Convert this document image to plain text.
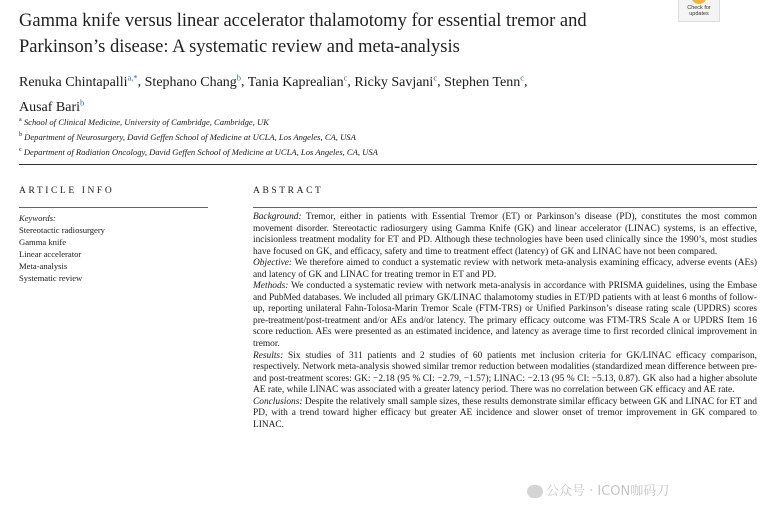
Gamma knife versus linear accelerator thalamotomy for essential tremor and Parkinson’s disease: A systematic review and meta-analysis
Check for
updates
Renuka Chintapalli$^{a,*}$, Stephano Chang$^b$, Tania Kaprealian$^c$, Ricky Savjani$^c$, Stephen Tenn$^c$,
Ausaf Bari$^b$
$^a$ School of Clinical Medicine, University of Cambridge, Cambridge, UK
$^b$ Department of Neurosurgery, David Geffen School of Medicine at UCLA, Los Angeles, CA, USA
$^c$ Department of Radiation Oncology, David Geffen School of Medicine at UCLA, Los Angeles, CA, USA
ARTICLE INFO	ABSTRACT
Keywords:
Stereotactic radiosurgery
Gamma knife
Linear accelerator
Meta-analysis
Systematic review

Background: Tremor, either in patients with Essential Tremor (ET) or Parkinson’s disease (PD), constitutes the most common movement disorder. Stereotactic radiosurgery using Gamma Knife (GK) and linear accelerator (LINAC) systems, is an effective, incisionless treatment modality for ET and PD. Although these technologies have been used clinically since the 1990’s, most studies have focused on GK, and efficacy, safety and time to treatment effect (latency) of GK and LINAC have not been compared.

Objective: We therefore aimed to conduct a systematic review with network meta-analysis examining efficacy, adverse events (AEs) and latency of GK and LINAC for treating tremor in ET and PD.

Methods: We conducted a systematic review with network meta-analysis in accordance with PRISMA guidelines, using the Embase and PubMed databases. We included all primary GK/LINAC thalamotomy studies in ET/PD patients with at least 6 months of follow-up, reporting unilateral Fahn-Tolosa-Marin Tremor Scale (FTM-TRS) or Unified Parkinson’s disease rating scale (UPDRS) scores pre-treatment/post-treatment and/or AEs and/or latency. The primary efficacy outcome was FTM-TRS Scale A or UPDRS Item 16 score reduction. AEs were presented as an estimated incidence, and latency as average time to first recorded clinical improvement in tremor.

Results: Six studies of 311 patients and 2 studies of 60 patients met inclusion criteria for GK/LINAC efficacy comparison, respectively. Network meta-analysis showed similar tremor reduction between modalities (standardized mean difference between pre- and post-treatment scores: GK: −2.18 (95 % CI: −2.79, −1.57); LINAC: −2.13 (95 % CI: −5.13, 0.87). GK also had a higher absolute AE rate, while LINAC was associated with a greater latency period. There was no correlation between GK efficacy and AE rate.

Conclusions: Despite the relatively small sample sizes, these results demonstrate similar efficacy between GK and LINAC for ET and PD, with a trend toward higher efficacy but greater AE incidence and slower onset of tremor improvement in GK compared to LINAC.

公众号 · ICON咖码刀
